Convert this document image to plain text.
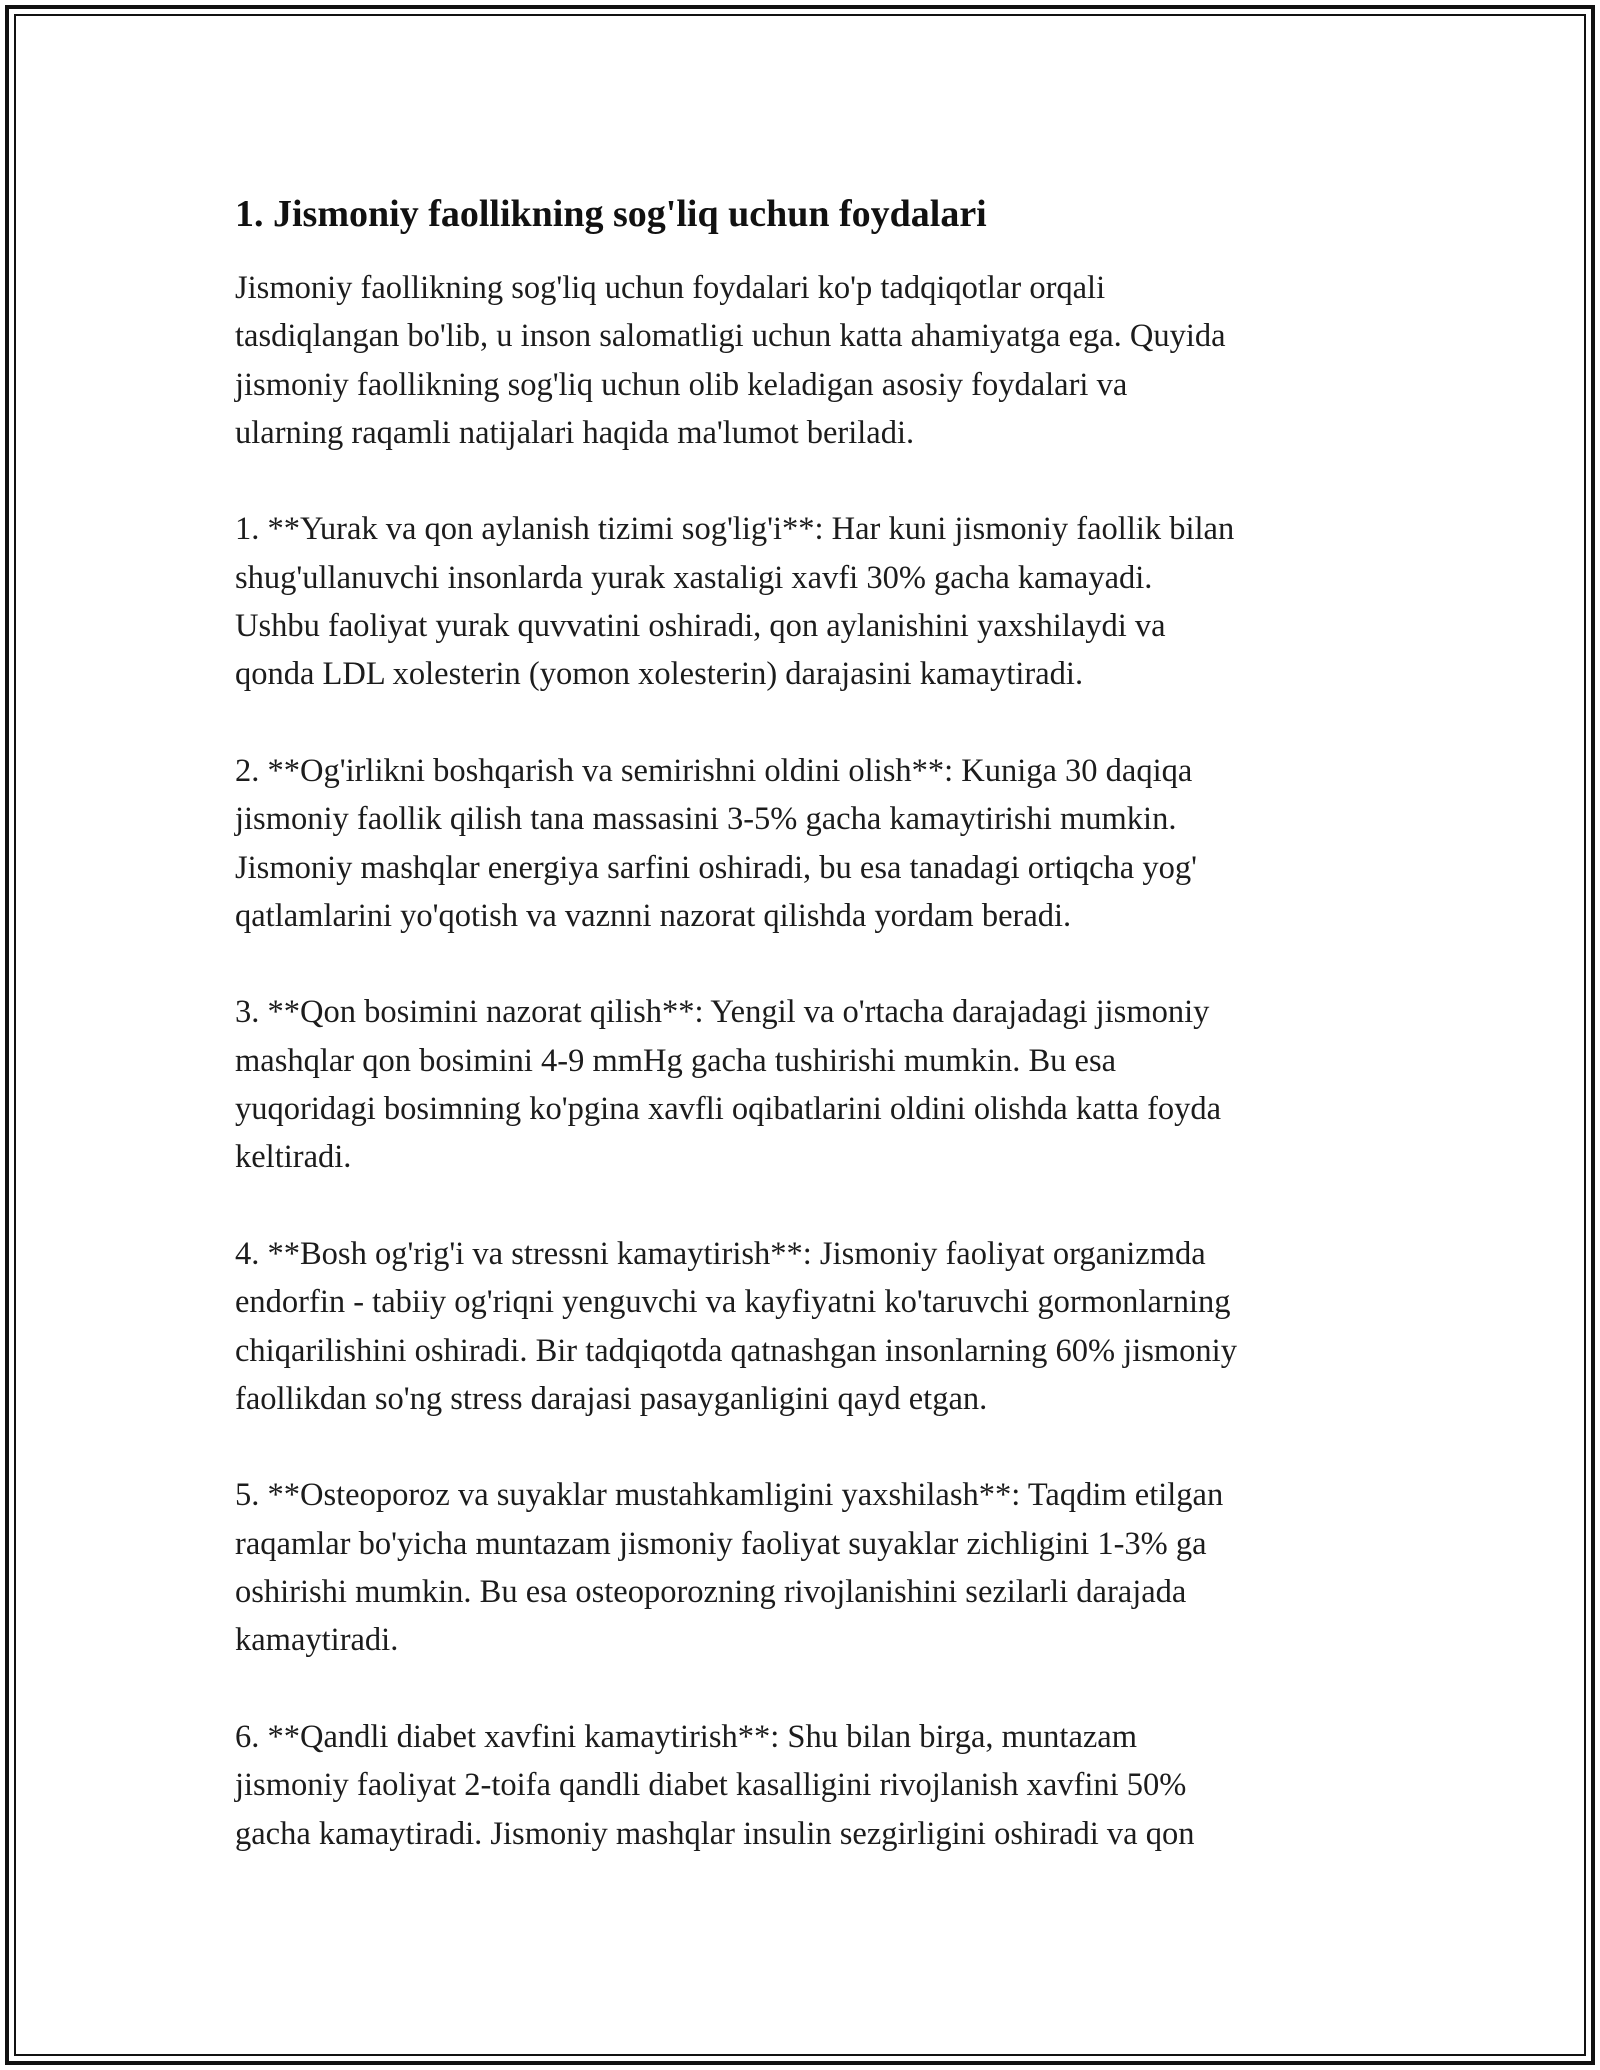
1. Jismoniy faollikning sog'liq uchun foydalari

Jismoniy faollikning sog'liq uchun foydalari ko'p tadqiqotlar orqali
tasdiqlangan bo'lib, u inson salomatligi uchun katta ahamiyatga ega. Quyida
jismoniy faollikning sog'liq uchun olib keladigan asosiy foydalari va
ularning raqamli natijalari haqida ma'lumot beriladi.

1. **Yurak va qon aylanish tizimi sog'lig'i**: Har kuni jismoniy faollik bilan
shug'ullanuvchi insonlarda yurak xastaligi xavfi 30% gacha kamayadi.
Ushbu faoliyat yurak quvvatini oshiradi, qon aylanishini yaxshilaydi va
qonda LDL xolesterin (yomon xolesterin) darajasini kamaytiradi.

2. **Og'irlikni boshqarish va semirishni oldini olish**: Kuniga 30 daqiqa
jismoniy faollik qilish tana massasini 3-5% gacha kamaytirishi mumkin.
Jismoniy mashqlar energiya sarfini oshiradi, bu esa tanadagi ortiqcha yog'
qatlamlarini yo'qotish va vaznni nazorat qilishda yordam beradi.

3. **Qon bosimini nazorat qilish**: Yengil va o'rtacha darajadagi jismoniy
mashqlar qon bosimini 4-9 mmHg gacha tushirishi mumkin. Bu esa
yuqoridagi bosimning ko'pgina xavfli oqibatlarini oldini olishda katta foyda
keltiradi.

4. **Bosh og'rig'i va stressni kamaytirish**: Jismoniy faoliyat organizmda
endorfin - tabiiy og'riqni yenguvchi va kayfiyatni ko'taruvchi gormonlarning
chiqarilishini oshiradi. Bir tadqiqotda qatnashgan insonlarning 60% jismoniy
faollikdan so'ng stress darajasi pasayganligini qayd etgan.

5. **Osteoporoz va suyaklar mustahkamligini yaxshilash**: Taqdim etilgan
raqamlar bo'yicha muntazam jismoniy faoliyat suyaklar zichligini 1-3% ga
oshirishi mumkin. Bu esa osteoporozning rivojlanishini sezilarli darajada
kamaytiradi.

6. **Qandli diabet xavfini kamaytirish**: Shu bilan birga, muntazam
jismoniy faoliyat 2-toifa qandli diabet kasalligini rivojlanish xavfini 50%
gacha kamaytiradi. Jismoniy mashqlar insulin sezgirligini oshiradi va qon
